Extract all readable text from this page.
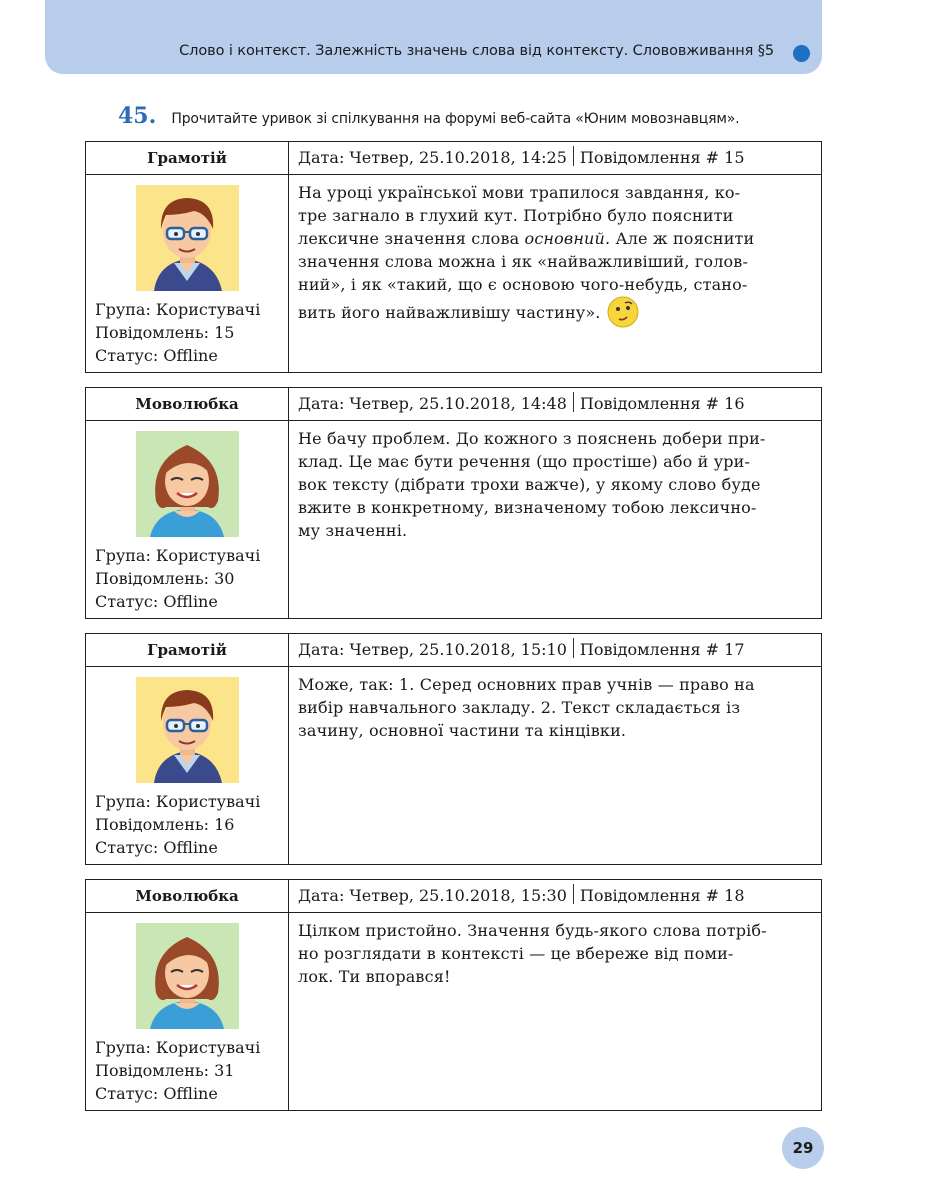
Слово і контекст. Залежність значень слова від контексту. Слововживання §5
45. Прочитайте уривок зі спілкування на форумі веб-сайта «Юним мовознавцям».
Грамотій	Дата: Четвер, 25.10.2018, 14:25 Повідомлення # 15
Група: Користувачі
Повідомлень: 15
Статус: Offline
На уроці української мови трапилося завдання, ко-
тре загнало в глухий кут. Потрібно було пояснити
лексичне значення слова основний. Але ж пояснити
значення слова можна і як «найважливіший, голов-
ний», і як «такий, що є основою чого-небудь, стано-
вить його найважливішу частину».
Моволюбка	Дата: Четвер, 25.10.2018, 14:48 Повідомлення # 16
Група: Користувачі
Повідомлень: 30
Статус: Offline
Не бачу проблем. До кожного з пояснень добери при-
клад. Це має бути речення (що простіше) або й ури-
вок тексту (дібрати трохи важче), у якому слово буде
вжите в конкретному, визначеному тобою лексично-
му значенні.
Грамотій	Дата: Четвер, 25.10.2018, 15:10 Повідомлення # 17
Група: Користувачі
Повідомлень: 16
Статус: Offline
Може, так: 1. Серед основних прав учнів — право на
вибір навчального закладу. 2. Текст складається із
зачину, основної частини та кінцівки.
Моволюбка	Дата: Четвер, 25.10.2018, 15:30 Повідомлення # 18
Група: Користувачі
Повідомлень: 31
Статус: Offline
Цілком пристойно. Значення будь-якого слова потріб-
но розглядати в контексті — це вбереже від поми-
лок. Ти впорався!
29
